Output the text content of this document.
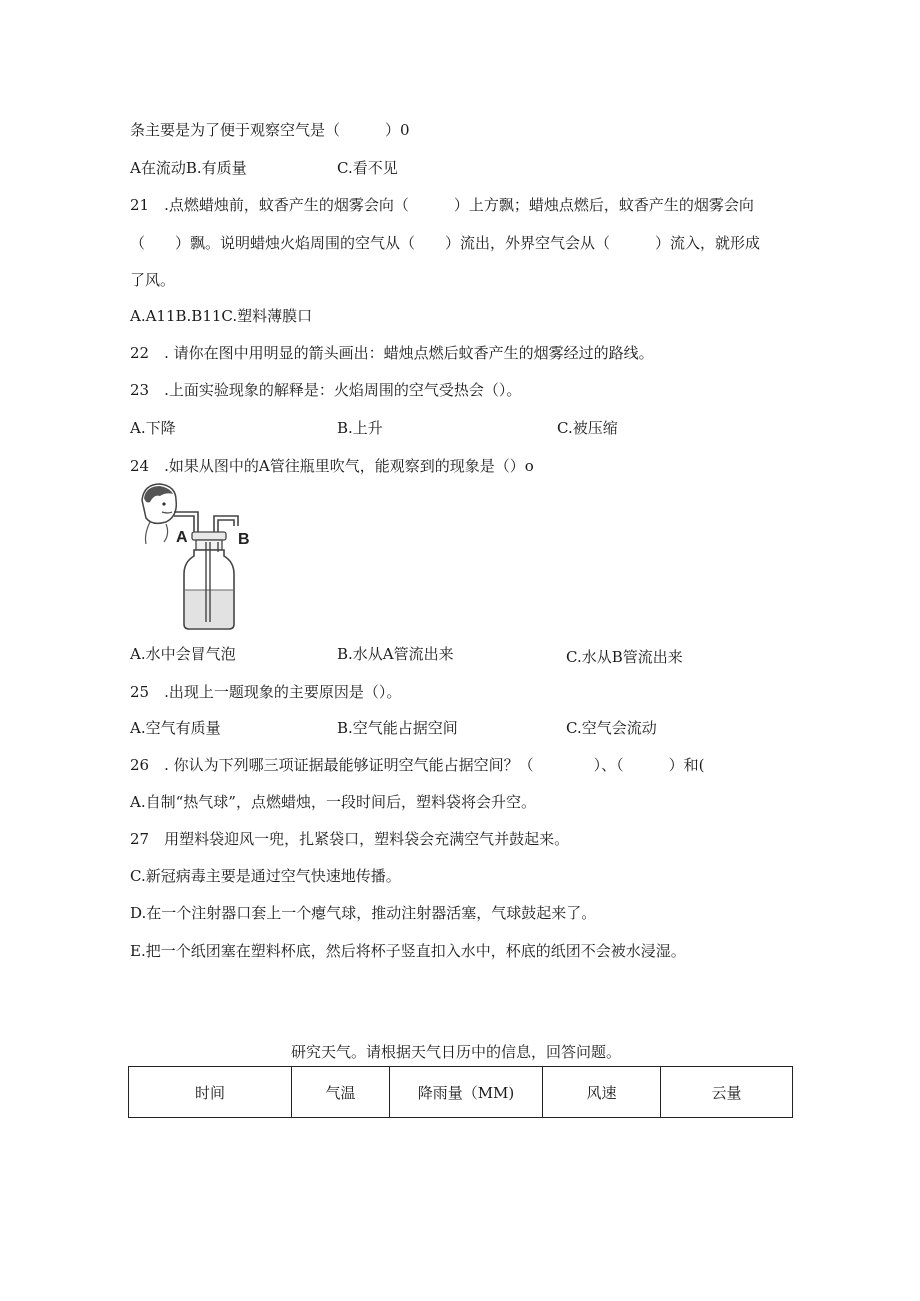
条主要是为了便于观察空气是（　　　）0
A在流动B.有质量	C.看不见
21　.点燃蜡烛前，蚊香产生的烟雾会向（　　　）上方飘；蜡烛点燃后，蚊香产生的烟雾会向
（　　）飘。说明蜡烛火焰周围的空气从（　　）流出，外界空气会从（　　　）流入，就形成
了风。
A.A11B.B11C.塑料薄膜口
22　. 请你在图中用明显的箭头画出：蜡烛点燃后蚊香产生的烟雾经过的路线。
23　.上面实验现象的解释是：火焰周围的空气受热会（）。
A.下降	B.上升	C.被压缩
24　.如果从图中的A管往瓶里吹气，能观察到的现象是（）o
A	B
A.水中会冒气泡	B.水从A管流出来	C.水从B管流出来
25　.出现上一题现象的主要原因是（）。
A.空气有质量	B.空气能占据空间	C.空气会流动
26　. 你认为下列哪三项证据最能够证明空气能占据空间？（　　　　）、（　　　）和(
A.自制“热气球”，点燃蜡烛，一段时间后，塑料袋将会升空。
27　用塑料袋迎风一兜，扎紧袋口，塑料袋会充满空气并鼓起来。
C.新冠病毒主要是通过空气快速地传播。
D.在一个注射器口套上一个瘪气球，推动注射器活塞，气球鼓起来了。
E.把一个纸团塞在塑料杯底，然后将杯子竖直扣入水中，杯底的纸团不会被水浸湿。
研究天气。请根据天气日历中的信息，回答问题。
时间	气温	降雨量（MM)	风速	云量
